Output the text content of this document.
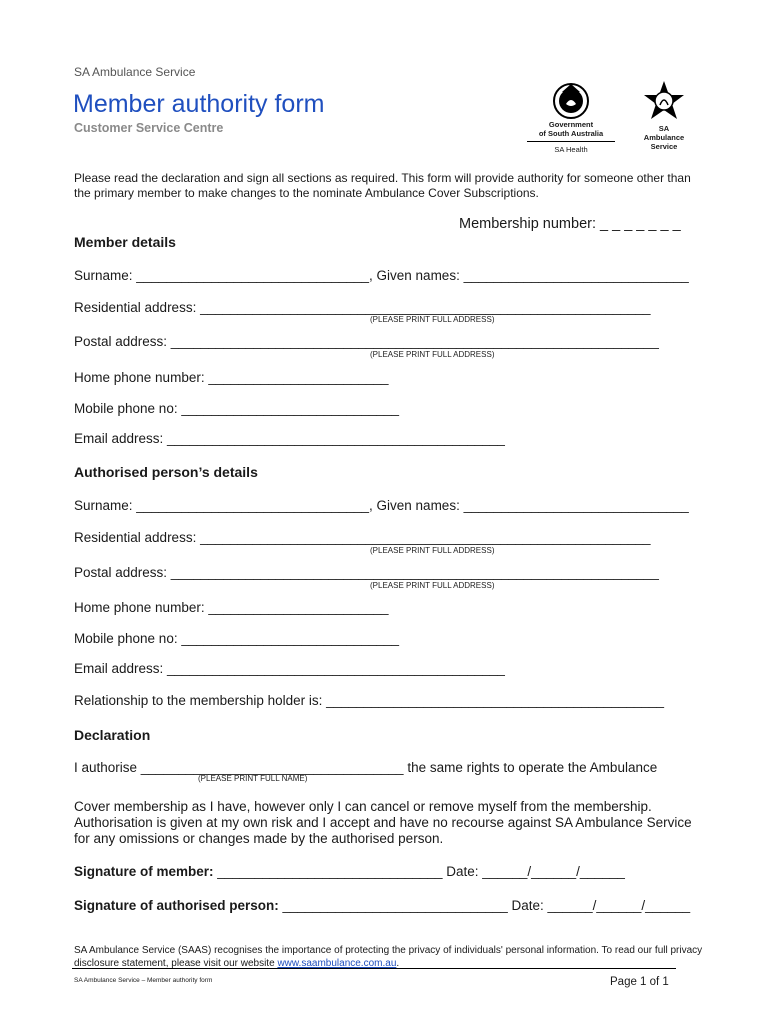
SA Ambulance Service
Member authority form
Customer Service Centre	Government
of South Australia
SA Health
SA
Ambulance
Service
Please read the declaration and sign all sections as required. This form will provide authority for someone other than the primary member to make changes to the nominate Ambulance Cover Subscriptions.
Membership number: _ _ _ _ _ _ _
Member details
Surname: _______________________________, Given names: ______________________________
Residential address: ____________________________________________________________
(PLEASE PRINT FULL ADDRESS)
Postal address: _________________________________________________________________
(PLEASE PRINT FULL ADDRESS)
Home phone number: ________________________
Mobile phone no: _____________________________
Email address: _____________________________________________
Authorised person’s details
Surname: _______________________________, Given names: ______________________________
Residential address: ____________________________________________________________
(PLEASE PRINT FULL ADDRESS)
Postal address: _________________________________________________________________
(PLEASE PRINT FULL ADDRESS)
Home phone number: ________________________
Mobile phone no: _____________________________
Email address: _____________________________________________
Relationship to the membership holder is: _____________________________________________
Declaration
I authorise ___________________________________ the same rights to operate the Ambulance
(PLEASE PRINT FULL NAME)
Cover membership as I have, however only I can cancel or remove myself from the membership. Authorisation is given at my own risk and I accept and have no recourse against SA Ambulance Service for any omissions or changes made by the authorised person.
Signature of member: ______________________________ Date: ______/______/______
Signature of authorised person: ______________________________ Date: ______/______/______
SA Ambulance Service (SAAS) recognises the importance of protecting the privacy of individuals' personal information. To read our full privacy disclosure statement, please visit our website www.saambulance.com.au.
SA Ambulance Service – Member authority form	Page 1 of 1
